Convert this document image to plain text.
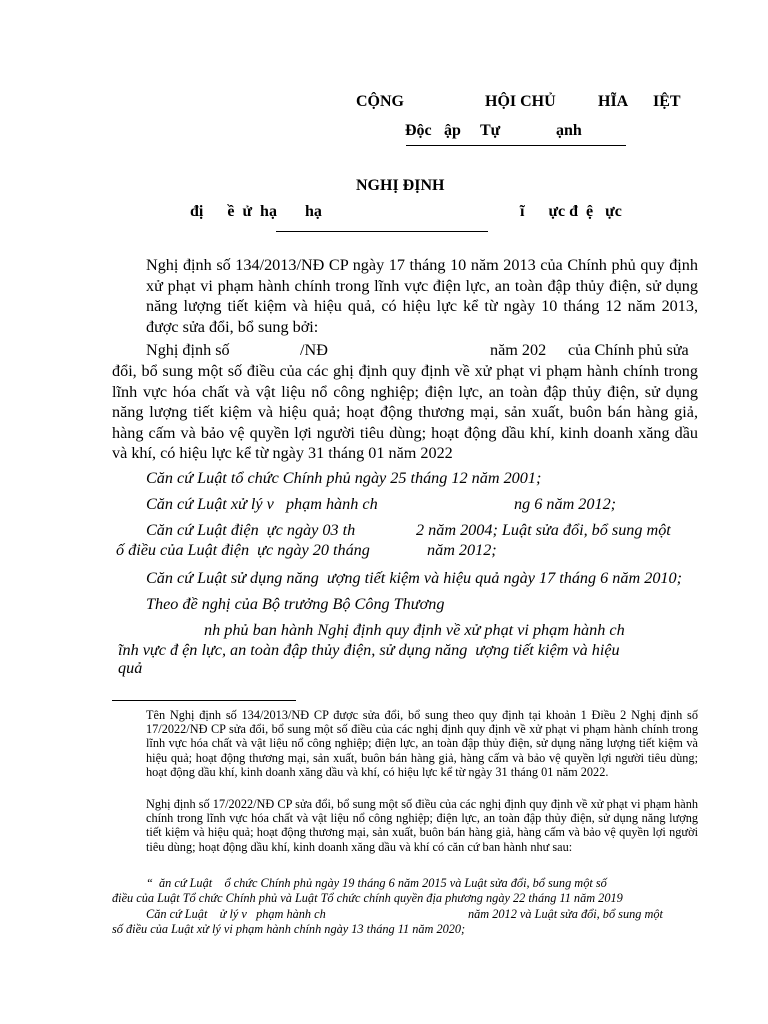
CỘNG	HỘI CHỦ	HĨA IỆT
Độc ập Tự	ạnh
NGHỊ ĐỊNH
đị      ề  ử  hạ       hạ	ĩ      ực đ  ệ   ực
Nghị định số 134/2013/NĐ CP ngày 17 tháng 10 năm 2013 của Chính phủ quy định xử phạt vi phạm hành chính trong lĩnh vực điện lực, an toàn đập thủy điện, sử dụng năng lượng tiết kiệm và hiệu quả, có hiệu lực kể từ ngày 10 tháng 12 năm 2013, được sửa đổi, bổ sung bởi:
Nghị định số	/NĐ	năm 202 của Chính phủ sửa
đổi, bổ sung một số điều của các ghị định quy định về xử phạt vi phạm hành chính trong lĩnh vực hóa chất và vật liệu nổ công nghiệp; điện lực, an toàn đập thủy điện, sử dụng năng lượng tiết kiệm và hiệu quả; hoạt động thương mại, sản xuất, buôn bán hàng giả, hàng cấm và bảo vệ quyền lợi người tiêu dùng; hoạt động dầu khí, kinh doanh xăng dầu và khí, có hiệu lực kể từ ngày 31 tháng 01 năm 2022
Căn cứ Luật tổ chức Chính phủ ngày 25 tháng 12 năm 2001;
Căn cứ Luật xử lý v   phạm hành ch	ng 6 năm 2012;
Căn cứ Luật điện  ực ngày 03 th	2 năm 2004; Luật sửa đổi, bổ sung một
ố điều của Luật điện  ực ngày 20 tháng	năm 2012;
Căn cứ Luật sử dụng năng  ượng tiết kiệm và hiệu quả ngày 17 tháng 6 năm 2010;
Theo đề nghị của Bộ trưởng Bộ Công Thương
nh phủ ban hành Nghị định quy định về xử phạt vi phạm hành ch
ĩnh vực đ ện lực, an toàn đập thủy điện, sử dụng năng  ượng tiết kiệm và hiệu
quả
Tên Nghị định số 134/2013/NĐ CP được sửa đổi, bổ sung theo quy định tại khoản 1 Điều 2 Nghị định số 17/2022/NĐ CP sửa đổi, bổ sung một số điều của các nghị định quy định về xử phạt vi phạm hành chính trong lĩnh vực hóa chất và vật liệu nổ công nghiệp; điện lực, an toàn đập thủy điện, sử dụng năng lượng tiết kiệm và hiệu quả; hoạt động thương mại, sản xuất, buôn bán hàng giả, hàng cấm và bảo vệ quyền lợi người tiêu dùng; hoạt động dầu khí, kinh doanh xăng dầu và khí, có hiệu lực kể từ ngày 31 tháng 01 năm 2022.
Nghị định số 17/2022/NĐ CP sửa đổi, bổ sung một số điều của các nghị định quy định về xử phạt vi phạm hành chính trong lĩnh vực hóa chất và vật liệu nổ công nghiệp; điện lực, an toàn đập thủy điện, sử dụng năng lượng tiết kiệm và hiệu quả; hoạt động thương mại, sản xuất, buôn bán hàng giả, hàng cấm và bảo vệ quyền lợi người tiêu dùng; hoạt động dầu khí, kinh doanh xăng dầu và khí có căn cứ ban hành như sau:
“  ăn cứ Luật    ổ chức Chính phủ ngày 19 tháng 6 năm 2015 và Luật sửa đổi, bổ sung một số
điều của Luật Tổ chức Chính phủ và Luật Tổ chức chính quyền địa phương ngày 22 tháng 11 năm 2019
Căn cứ Luật    ử lý v   phạm hành ch	năm 2012 và Luật sửa đổi, bổ sung một
số điều của Luật xử lý vi phạm hành chính ngày 13 tháng 11 năm 2020;
